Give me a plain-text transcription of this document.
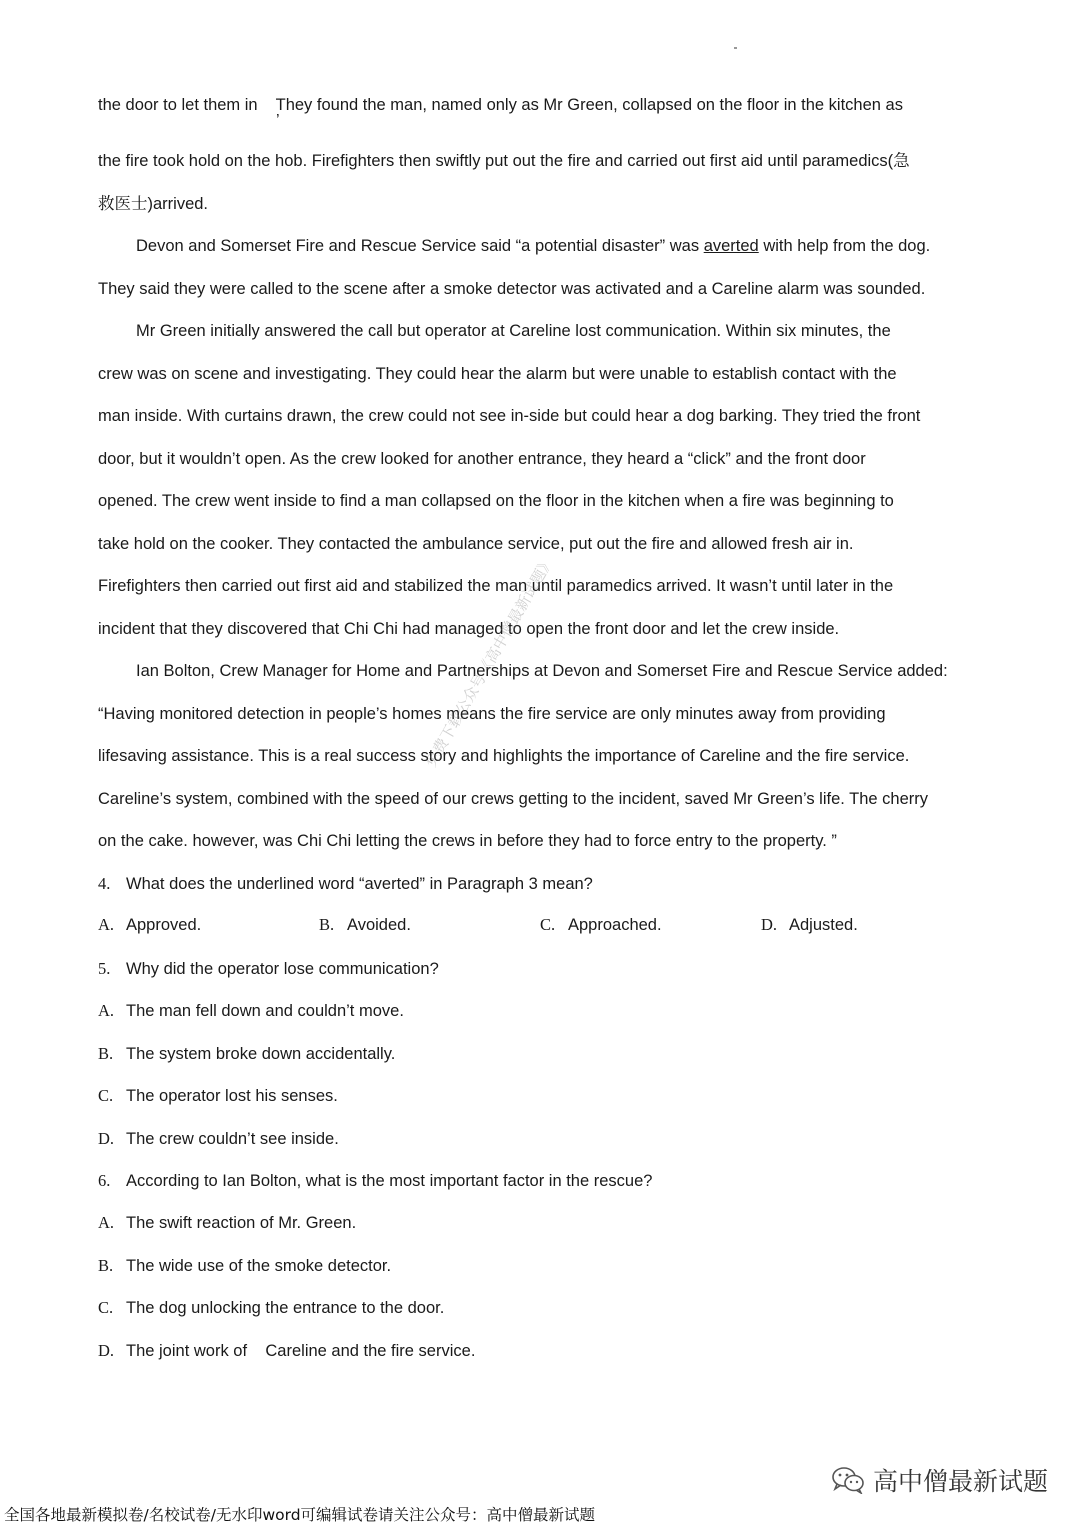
the door to let them in They found the man, named only as Mr Green, collapsed on the floor in the kitchen as
’
the fire took hold on the hob. Firefighters then swiftly put out the fire and carried out first aid until paramedics(急
救医士)arrived.
Devon and Somerset Fire and Rescue Service said “a potential disaster” was averted with help from the dog.
They said they were called to the scene after a smoke detector was activated and a Careline alarm was sounded.
Mr Green initially answered the call but operator at Careline lost communication. Within six minutes, the
crew was on scene and investigating. They could hear the alarm but were unable to establish contact with the
man inside. With curtains drawn, the crew could not see in-side but could hear a dog barking. They tried the front
door, but it wouldn’t open. As the crew looked for another entrance, they heard a “click” and the front door
opened. The crew went inside to find a man collapsed on the floor in the kitchen when a fire was beginning to
take hold on the cooker. They contacted the ambulance service, put out the fire and allowed fresh air in.
Firefighters then carried out first aid and stabilized the man until paramedics arrived. It wasn’t until later in the
incident that they discovered that Chi Chi had managed to open the front door and let the crew inside.
Ian Bolton, Crew Manager for Home and Partnerships at Devon and Somerset Fire and Rescue Service added:
“Having monitored detection in people’s homes means the fire service are only minutes away from providing
lifesaving assistance. This is a real success story and highlights the importance of Careline and the fire service.
Careline’s system, combined with the speed of our crews getting to the incident, saved Mr Green’s life. The cherry
on the cake. however, was Chi Chi letting the crews in before they had to force entry to the property. ”
4. What does the underlined word “averted” in Paragraph 3 mean?
A. Approved.	B. Avoided.	C. Approached.	D. Adjusted.
5. Why did the operator lose communication?
A. The man fell down and couldn’t move.
B. The system broke down accidentally.
C. The operator lost his senses.
D. The crew couldn’t see inside.
6. According to Ian Bolton, what is the most important factor in the rescue?
A. The swift reaction of Mr. Green.
B. The wide use of the smoke detector.
C. The dog unlocking the entrance to the door.
D. The joint work of    Careline and the fire service.
免费下载公众号《高中僧最新试题》
高中僧最新试题
全国各地最新模拟卷/名校试卷/无水印word可编辑试卷请关注公众号：高中僧最新试题
